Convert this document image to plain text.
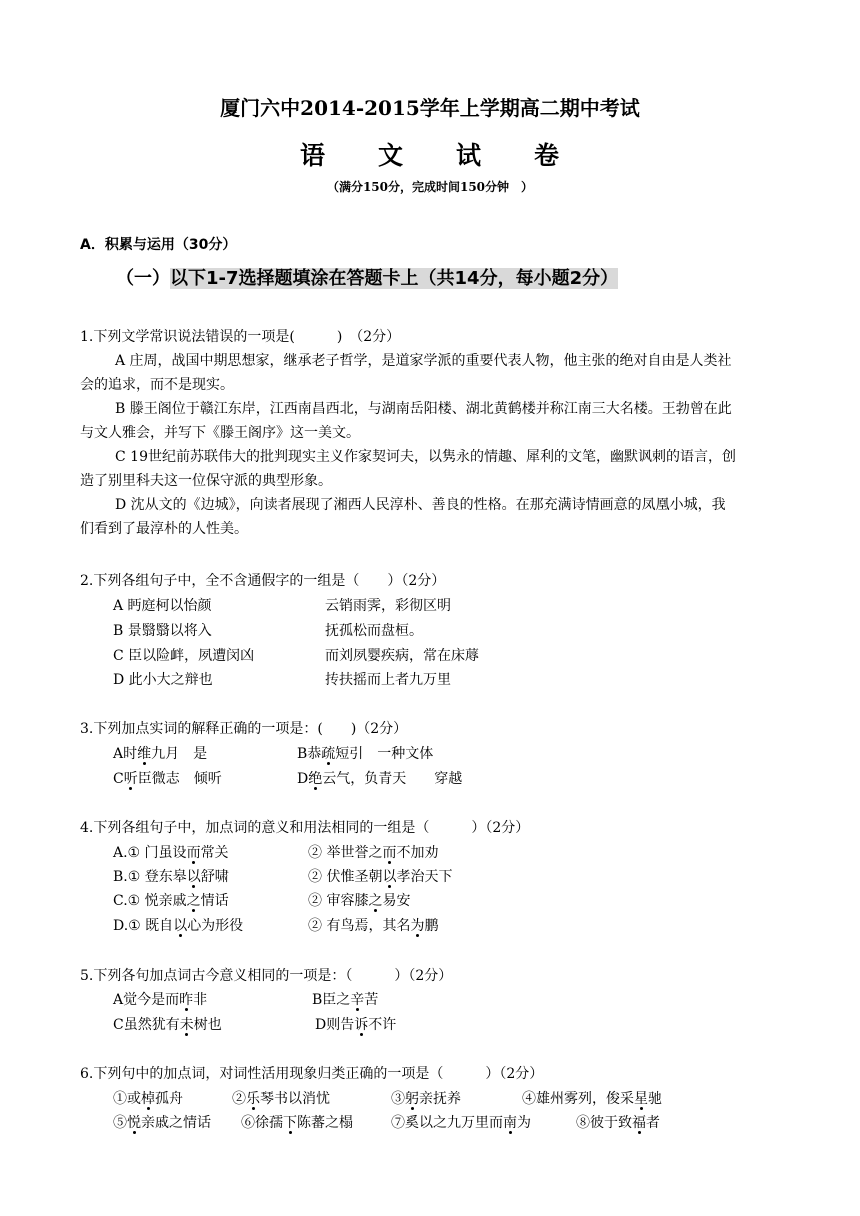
厦门六中2014-2015学年上学期高二期中考试
语　　文　　试　　卷
（满分150分，完成时间150分钟　）
A．积累与运用（30分）
（一）以下1-7选择题填涂在答题卡上（共14分，每小题2分）
1.下列文学常识说法错误的一项是(　　　)　（2分）
A 庄周，战国中期思想家，继承老子哲学，是道家学派的重要代表人物，他主张的绝对自由是人类社
会的追求，而不是现实。
B 滕王阁位于赣江东岸，江西南昌西北，与湖南岳阳楼、湖北黄鹤楼并称江南三大名楼。王勃曾在此
与文人雅会，并写下《滕王阁序》这一美文。
C 19世纪前苏联伟大的批判现实主义作家契诃夫，以隽永的情趣、犀利的文笔，幽默讽刺的语言，创
造了别里科夫这一位保守派的典型形象。
D 沈从文的《边城》，向读者展现了湘西人民淳朴、善良的性格。在那充满诗情画意的凤凰小城，我
们看到了最淳朴的人性美。
2.下列各组句子中，全不含通假字的一组是（　　）（2分）
A 眄庭柯以怡颜	云销雨霁，彩彻区明
B 景翳翳以将入	抚孤松而盘桓。
C 臣以险衅，夙遭闵凶	而刘夙婴疾病，常在床蓐
D 此小大之辩也	抟扶摇而上者九万里
3.下列加点实词的解释正确的一项是：(　　)（2分）
A时维九月　是	B恭疏短引　一种文体
C听臣微志　倾听	D绝云气，负青天　　穿越
4.下列各组句子中，加点词的意义和用法相同的一组是（　　　）（2分）
A.① 门虽设而常关	② 举世誉之而不加劝
B.① 登东皋以舒啸	② 伏惟圣朝以孝治天下
C.① 悦亲戚之情话	② 审容膝之易安
D.① 既自以心为形役	② 有鸟焉，其名为鹏
5.下列各句加点词古今意义相同的一项是：（　　　）（2分）
A觉今是而昨非	B臣之辛苦
C虽然犹有未树也	D则告诉不许
6.下列句中的加点词，对词性活用现象归类正确的一项是（　　　）（2分）
①或棹孤舟	②乐琴书以消忧	③躬亲抚养	④雄州雾列，俊采星驰
⑤悦亲戚之情话 ⑥徐孺下陈蕃之榻	⑦奚以之九万里而南为	⑧彼于致福者
